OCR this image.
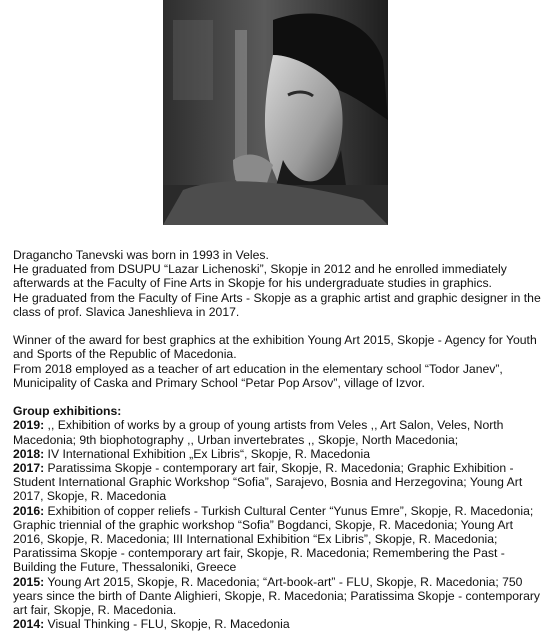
Dragancho Tanevski was born in 1993 in Veles.

He graduated from DSUPU “Lazar Lichenoski”, Skopje in 2012 and he enrolled immediately afterwards at the Faculty of Fine Arts in Skopje for his undergraduate studies in graphics.

He graduated from the Faculty of Fine Arts - Skopje as a graphic artist and graphic designer in the class of prof. Slavica Janeshlieva in 2017.

Winner of the award for best graphics at the exhibition Young Art 2015, Skopje - Agency for Youth and Sports of the Republic of Macedonia.

From 2018 employed as a teacher of art education in the elementary school “Todor Janev”, Municipality of Caska and Primary School “Petar Pop Arsov”, village of Izvor.

Group exhibitions:

2019: ,, Exhibition of works by a group of young artists from Veles ,, Art Salon, Veles, North Macedonia; 9th biophotography ,, Urban invertebrates ,, Skopje, North Macedonia;

2018: IV International Exhibition „Ex Libris“, Skopje, R. Macedonia

2017: Paratissima Skopje - contemporary art fair, Skopje, R. Macedonia; Graphic Exhibition - Student International Graphic Workshop “Sofia”, Sarajevo, Bosnia and Herzegovina; Young Art 2017, Skopje, R. Macedonia

2016: Exhibition of copper reliefs - Turkish Cultural Center “Yunus Emre”, Skopje, R. Macedonia; Graphic triennial of the graphic workshop “Sofia” Bogdanci, Skopje, R. Macedonia; Young Art 2016, Skopje, R. Macedonia; III International Exhibition “Ex Libris”, Skopje, R. Macedonia; Paratissima Skopje - contemporary art fair, Skopje, R. Macedonia; Remembering the Past - Building the Future, Thessaloniki, Greece

2015: Young Art 2015, Skopje, R. Macedonia; “Art-book-art” - FLU, Skopje, R. Macedonia; 750 years since the birth of Dante Alighieri, Skopje, R. Macedonia; Paratissima Skopje - contemporary art fair, Skopje, R. Macedonia.

2014: Visual Thinking - FLU, Skopje, R. Macedonia
